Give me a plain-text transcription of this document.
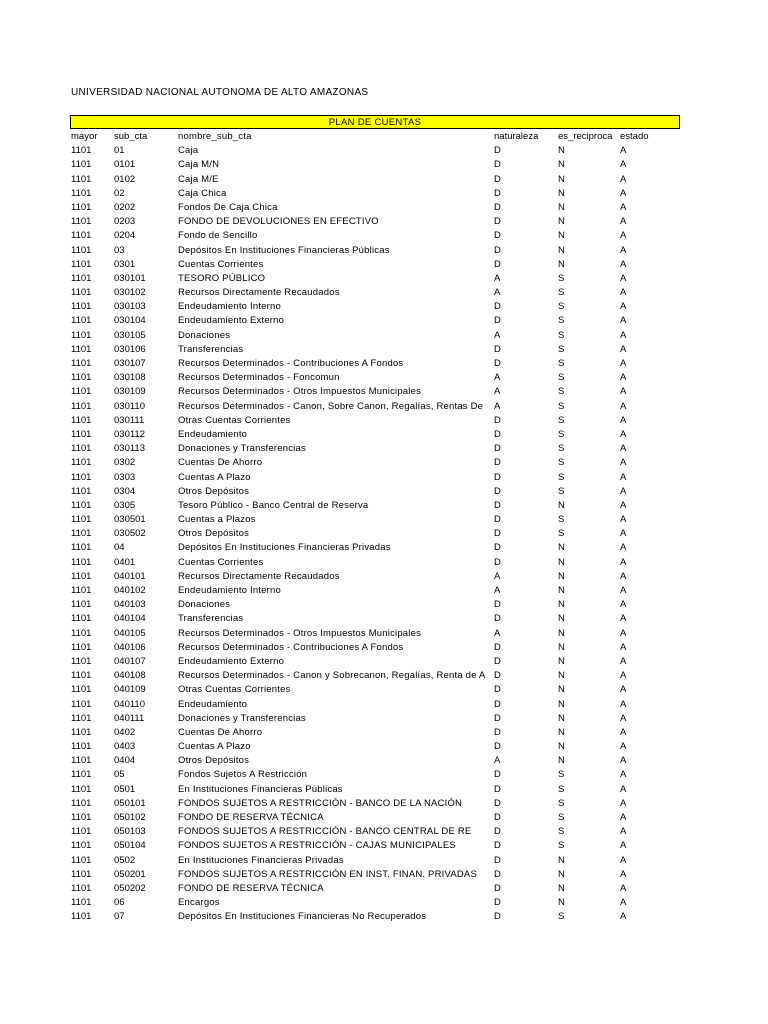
UNIVERSIDAD NACIONAL AUTONOMA DE ALTO AMAZONAS
PLAN DE CUENTAS
mayor sub_cta	nombre_sub_cta	naturaleza es_reciproca estado
1101 01	Caja	D	N	A
1101 0101	Caja M/N	D	N	A
1101 0102	Caja M/E	D	N	A
1101 02	Caja Chica	D	N	A
1101 0202	Fondos De Caja Chica	D	N	A
1101 0203	FONDO DE DEVOLUCIONES EN EFECTIVO	D	N	A
1101 0204	Fondo de Sencillo	D	N	A
1101 03	Depósitos En Instituciones Financieras Públicas	D	N	A
1101 0301	Cuentas Corrientes	D	N	A
1101 030101	TESORO PÚBLICO	A	S	A
1101 030102	Recursos Directamente Recaudados	A	S	A
1101 030103	Endeudamiento Interno	D	S	A
1101 030104	Endeudamiento Externo	D	S	A
1101 030105	Donaciones	A	S	A
1101 030106	Transferencias	D	S	A
1101 030107	Recursos Determinados - Contribuciones A Fondos	D	S	A
1101 030108	Recursos Determinados - Foncomun	A	S	A
1101 030109	Recursos Determinados - Otros Impuestos Municipales	A	S	A
1101 030110	Recursos Determinados - Canon, Sobre Canon, Regalías, Rentas De	A	S	A
1101 030111	Otras Cuentas Corrientes	D	S	A
1101 030112	Endeudamiento	D	S	A
1101 030113	Donaciones y Transferencias	D	S	A
1101 0302	Cuentas De Ahorro	D	S	A
1101 0303	Cuentas A Plazo	D	S	A
1101 0304	Otros Depósitos	D	S	A
1101 0305	Tesoro Público - Banco Central de Reserva	D	N	A
1101 030501	Cuentas a Plazos	D	S	A
1101 030502	Otros Depósitos	D	S	A
1101 04	Depósitos En Instituciones Financieras Privadas	D	N	A
1101 0401	Cuentas Corrientes	D	N	A
1101 040101	Recursos Directamente Recaudados	A	N	A
1101 040102	Endeudamiento Interno	A	N	A
1101 040103	Donaciones	D	N	A
1101 040104	Transferencias	D	N	A
1101 040105	Recursos Determinados - Otros Impuestos Municipales	A	N	A
1101 040106	Recursos Determinados - Contribuciones A Fondos	D	N	A
1101 040107	Endeudamiento Externo	D	N	A
1101 040108	Recursos Determinados - Canon y Sobrecanon, Regalías, Renta de A D	N	A
1101 040109	Otras Cuentas Corrientes	D	N	A
1101 040110	Endeudamiento	D	N	A
1101 040111	Donaciones y Transferencias	D	N	A
1101 0402	Cuentas De Ahorro	D	N	A
1101 0403	Cuentas A Plazo	D	N	A
1101 0404	Otros Depósitos	A	N	A
1101 05	Fondos Sujetos A Restricción	D	S	A
1101 0501	En Instituciones Financieras Públicas	D	S	A
1101 050101	FONDOS SUJETOS A RESTRICCIÓN - BANCO DE LA NACIÓN	D	S	A
1101 050102	FONDO DE RESERVA TÉCNICA	D	S	A
1101 050103	FONDOS SUJETOS A RESTRICCIÓN - BANCO CENTRAL DE RE	D	S	A
1101 050104	FONDOS SUJETOS A RESTRICCIÓN - CAJAS MUNICIPALES	D	S	A
1101 0502	En Instituciones Financieras Privadas	D	N	A
1101 050201	FONDOS SUJETOS A RESTRICCIÓN EN INST. FINAN. PRIVADAS	D	N	A
1101 050202	FONDO DE RESERVA TÉCNICA	D	N	A
1101 06	Encargos	D	N	A
1101 07	Depósitos En Instituciones Financieras No Recuperados	D	S	A
